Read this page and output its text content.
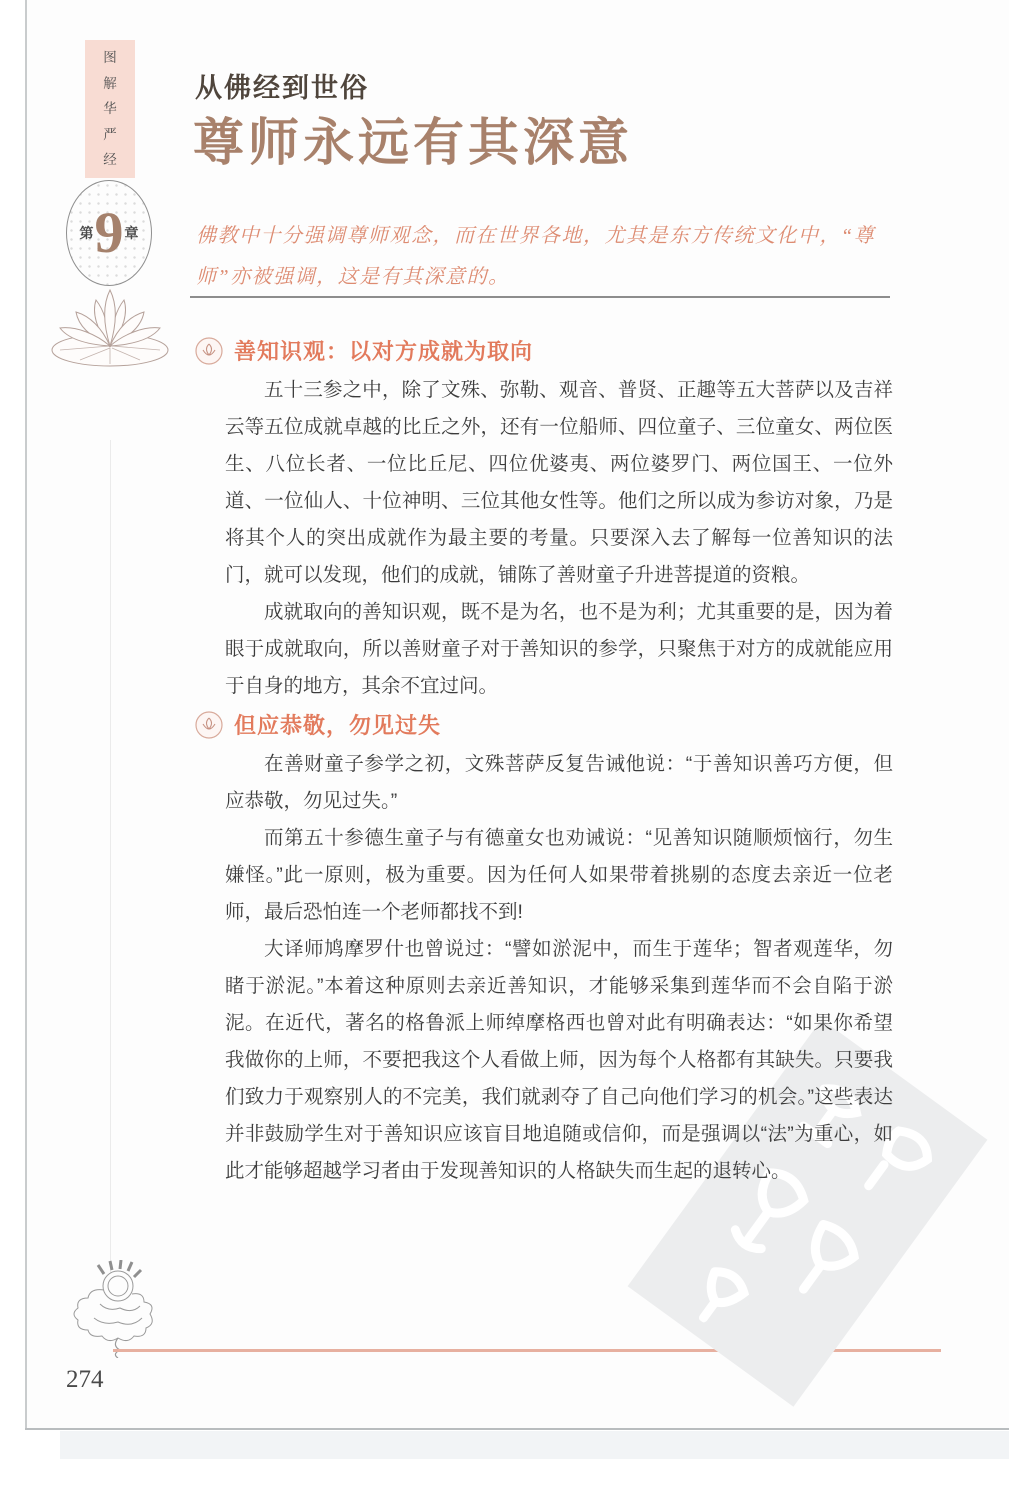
图
解
华
严
经
第 9 章
从佛经到世俗
尊师永远有其深意
佛教中十分强调尊师观念，而在世界各地，尤其是东方传统文化中，“尊师”亦被强调，这是有其深意的。
善知识观：以对方成就为取向

五十三参之中，除了文殊、弥勒、观音、普贤、正趣等五大菩萨以及吉祥云等五位成就卓越的比丘之外，还有一位船师、四位童子、三位童女、两位医生、八位长者、一位比丘尼、四位优婆夷、两位婆罗门、两位国王、一位外道、一位仙人、十位神明、三位其他女性等。他们之所以成为参访对象，乃是将其个人的突出成就作为最主要的考量。只要深入去了解每一位善知识的法门，就可以发现，他们的成就，铺陈了善财童子升进菩提道的资粮。

成就取向的善知识观，既不是为名，也不是为利；尤其重要的是，因为着眼于成就取向，所以善财童子对于善知识的参学，只聚焦于对方的成就能应用于自身的地方，其余不宜过问。

但应恭敬，勿见过失

在善财童子参学之初，文殊菩萨反复告诫他说：“于善知识善巧方便，但应恭敬，勿见过失。”

而第五十参德生童子与有德童女也劝诫说：“见善知识随顺烦恼行，勿生嫌怪。”此一原则，极为重要。因为任何人如果带着挑剔的态度去亲近一位老师，最后恐怕连一个老师都找不到!

大译师鸠摩罗什也曾说过：“譬如淤泥中，而生于莲华；智者观莲华，勿睹于淤泥。”本着这种原则去亲近善知识，才能够采集到莲华而不会自陷于淤泥。在近代，著名的格鲁派上师绰摩格西也曾对此有明确表达：“如果你希望我做你的上师，不要把我这个人看做上师，因为每个人格都有其缺失。只要我们致力于观察别人的不完美，我们就剥夺了自己向他们学习的机会。”这些表达并非鼓励学生对于善知识应该盲目地追随或信仰，而是强调以“法”为重心，如此才能够超越学习者由于发现善知识的人格缺失而生起的退转心。

274
